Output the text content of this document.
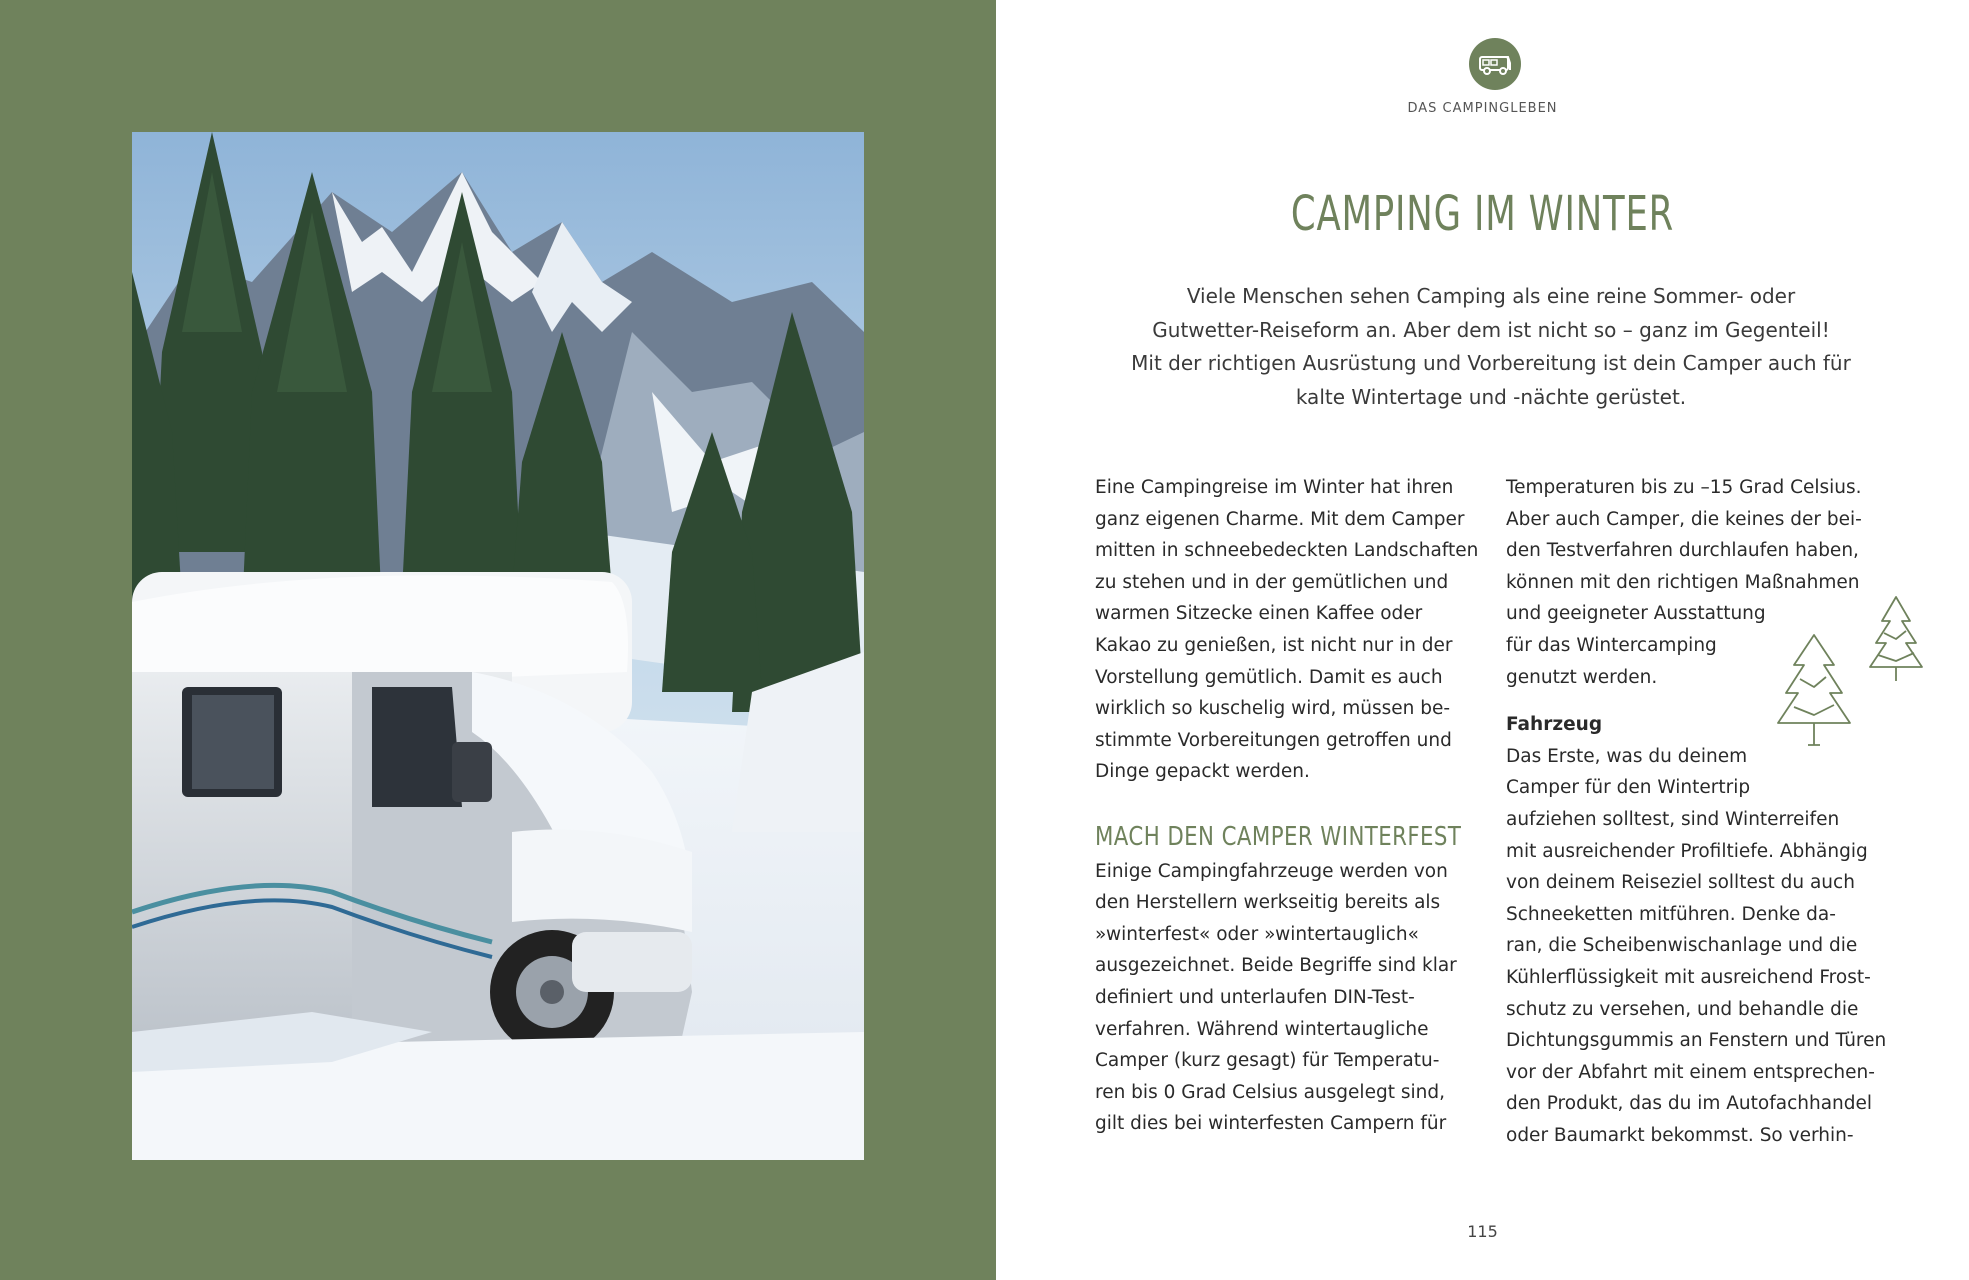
DAS CAMPINGLEBEN
CAMPING IM WINTER
Viele Menschen sehen Camping als eine reine Sommer- oder
Gutwetter-Reiseform an. Aber dem ist nicht so – ganz im Gegenteil!
Mit der richtigen Ausrüstung und Vorbereitung ist dein Camper auch für
kalte Wintertage und -nächte gerüstet.
Eine Campingreise im Winter hat ihren
ganz eigenen Charme. Mit dem Camper
mitten in schneebedeckten Landschaften
zu stehen und in der gemütlichen und
warmen Sitzecke einen Kaffee oder
Kakao zu genießen, ist nicht nur in der
Vorstellung gemütlich. Damit es auch
wirklich so kuschelig wird, müssen be-
stimmte Vorbereitungen getroffen und
Dinge gepackt werden.
MACH DEN CAMPER WINTERFEST
Einige Campingfahrzeuge werden von
den Herstellern werkseitig bereits als
»winterfest« oder »wintertauglich«
ausgezeichnet. Beide Begriffe sind klar
definiert und unterlaufen DIN-Test-
verfahren. Während wintertaugliche
Camper (kurz gesagt) für Temperatu-
ren bis 0 Grad Celsius ausgelegt sind,
gilt dies bei winterfesten Campern für
Temperaturen bis zu –15 Grad Celsius.
Aber auch Camper, die keines der bei-
den Testverfahren durchlaufen haben,
können mit den richtigen Maßnahmen
und geeigneter Ausstattung
für das Wintercamping
genutzt werden.
Fahrzeug
Das Erste, was du deinem
Camper für den Wintertrip
aufziehen solltest, sind Winterreifen
mit ausreichender Profiltiefe. Abhängig
von deinem Reiseziel solltest du auch
Schneeketten mitführen. Denke da-
ran, die Scheibenwischanlage und die
Kühlerflüssigkeit mit ausreichend Frost-
schutz zu versehen, und behandle die
Dichtungsgummis an Fenstern und Türen
vor der Abfahrt mit einem entsprechen-
den Produkt, das du im Autofachhandel
oder Baumarkt bekommst. So verhin-
115
